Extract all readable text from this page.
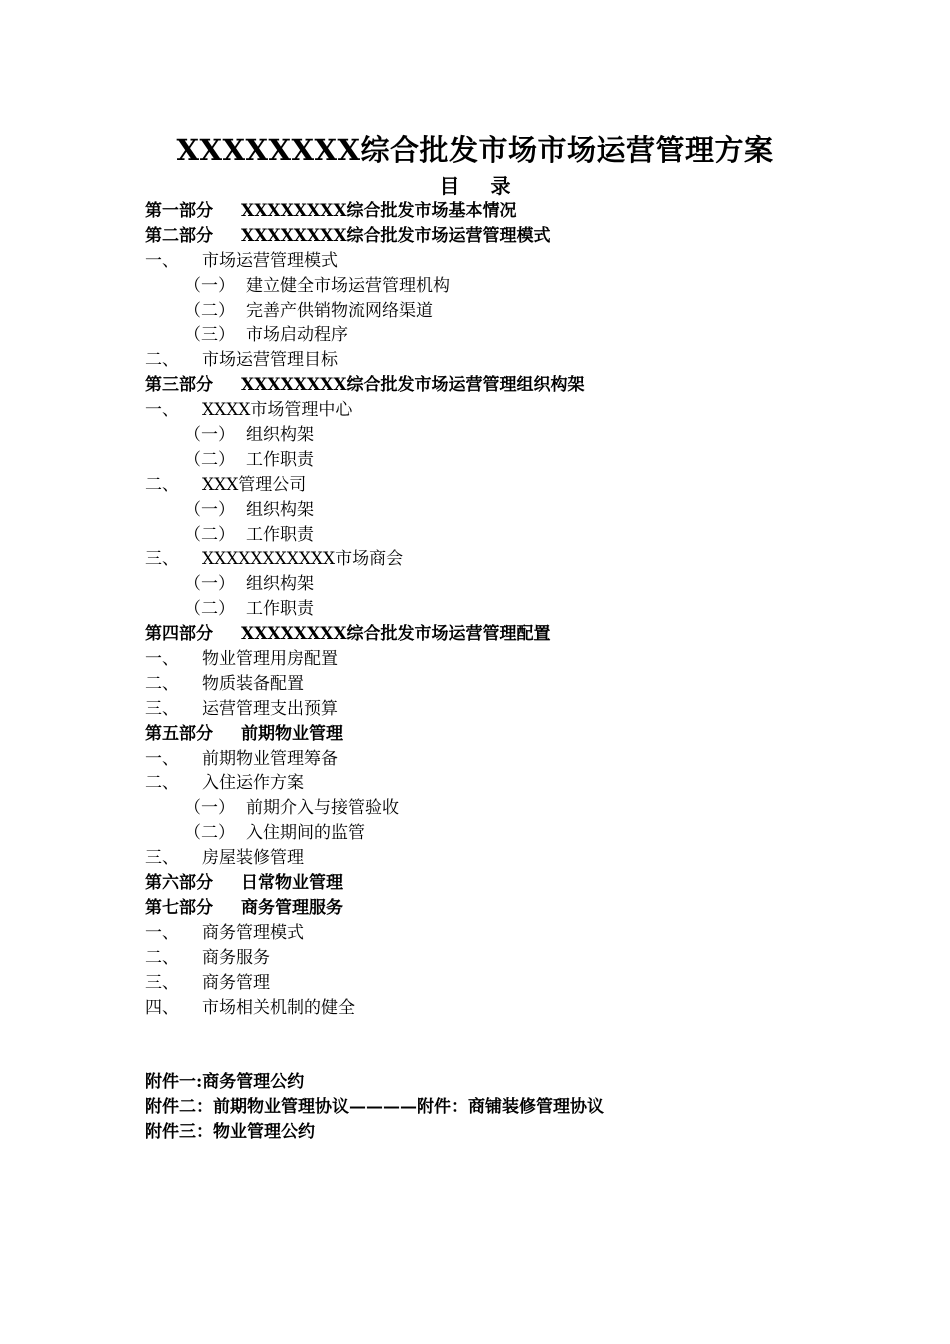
XXXXXXXX综合批发市场市场运营管理方案
目 录
第一部分 XXXXXXXX综合批发市场基本情况
第二部分 XXXXXXXX综合批发市场运营管理模式
一、 市场运营管理模式
（一） 建立健全市场运营管理机构
（二） 完善产供销物流网络渠道
（三） 市场启动程序
二、 市场运营管理目标
第三部分 XXXXXXXX综合批发市场运营管理组织构架
一、 XXXX市场管理中心
（一） 组织构架
（二） 工作职责
二、 XXX管理公司
（一） 组织构架
（二） 工作职责
三、 XXXXXXXXXXX市场商会
（一） 组织构架
（二） 工作职责
第四部分 XXXXXXXX综合批发市场运营管理配置
一、 物业管理用房配置
二、 物质装备配置
三、 运营管理支出预算
第五部分 前期物业管理
一、 前期物业管理筹备
二、 入住运作方案
（一） 前期介入与接管验收
（二） 入住期间的监管
三、 房屋装修管理
第六部分 日常物业管理
第七部分 商务管理服务
一、 商务管理模式
二、 商务服务
三、 商务管理
四、 市场相关机制的健全
附件一:商务管理公约
附件二：前期物业管理协议————附件：商铺装修管理协议
附件三：物业管理公约
